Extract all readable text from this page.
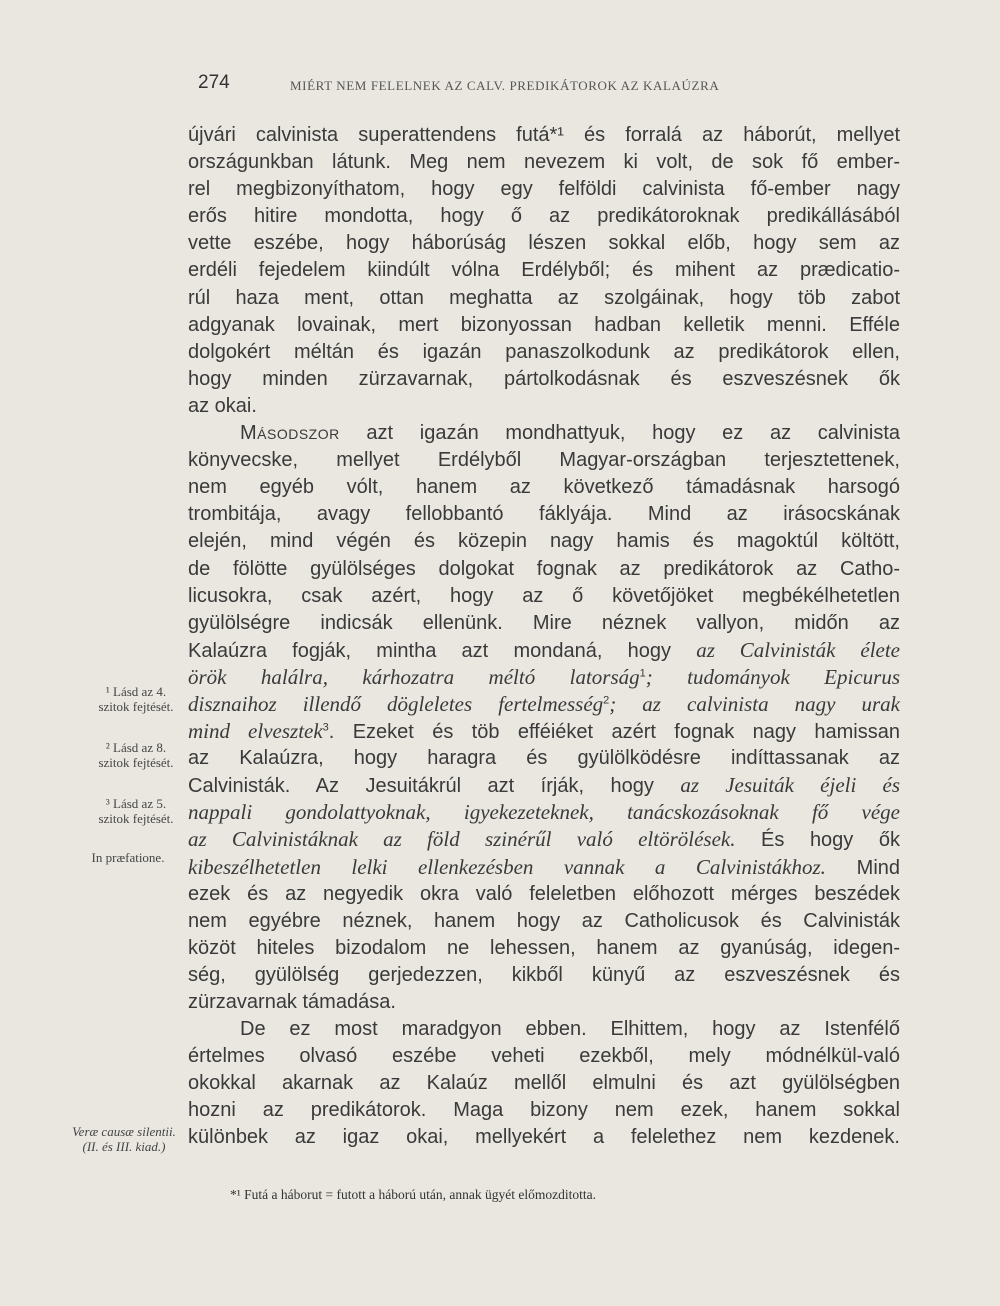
274	MIÉRT NEM FELELNEK AZ CALV. PREDIKÁTOROK AZ KALAÚZRA
újvári calvinista superattendens futá*¹ és forralá az háborút, mellyet
országunkban látunk. Meg nem nevezem ki volt, de sok fő ember-
rel megbizonyíthatom, hogy egy felföldi calvinista fő-ember nagy
erős hitire mondotta, hogy ő az predikátoroknak predikállásából
vette eszébe, hogy háborúság lészen sokkal előb, hogy sem az
erdéli fejedelem kiindúlt vólna Erdélyből; és mihent az prædicatio-
rúl haza ment, ottan meghatta az szolgáinak, hogy töb zabot
adgyanak lovainak, mert bizonyossan hadban kelletik menni. Efféle
dolgokért méltán és igazán panaszolkodunk az predikátorok ellen,
hogy minden zürzavarnak, pártolkodásnak és eszveszésnek ők
az okai.
Másodszor azt igazán mondhattyuk, hogy ez az calvinista
könyvecske, mellyet Erdélyből Magyar-országban terjesztettenek,
nem egyéb vólt, hanem az következő támadásnak harsogó
trombitája, avagy fellobbantó fáklyája. Mind az irásocskának
elején, mind végén és közepin nagy hamis és magoktúl költött,
de fölötte gyülölséges dolgokat fognak az predikátorok az Catho-
licusokra, csak azért, hogy az ő követőjöket megbékélhetetlen
gyülölségre indicsák ellenünk. Mire néznek vallyon, midőn az
Kalaúzra fogják, mintha azt mondaná, hogy az Calvinisták élete
örök halálra, kárhozatra méltó latorság$^1$; tudományok Epicurus
disznaihoz illendő dögleletes fertelmesség$^2$; az calvinista nagy urak
mind elvesztek$^3$. Ezeket és töb efféiéket azért fognak nagy hamissan
az Kalaúzra, hogy haragra és gyülölködésre indíttassanak az
Calvinisták. Az Jesuitákrúl azt írják, hogy az Jesuiták éjeli és
nappali gondolattyoknak, igyekezeteknek, tanácskozásoknak fő vége
az Calvinistáknak az föld szinérűl való eltörölések. És hogy ők
kibeszélhetetlen lelki ellenkezésben vannak a Calvinistákhoz. Mind
ezek és az negyedik okra való feleletben előhozott mérges beszédek
nem egyébre néznek, hanem hogy az Catholicusok és Calvinisták
közöt hiteles bizodalom ne lehessen, hanem az gyanúság, idegen-
ség, gyülölség gerjedezzen, kikből künyű az eszveszésnek és
zürzavarnak támadása.
De ez most maradgyon ebben. Elhittem, hogy az Istenfélő
értelmes olvasó eszébe veheti ezekből, mely módnélkül-való
okokkal akarnak az Kalaúz mellől elmulni és azt gyülölségben
hozni az predikátorok. Maga bizony nem ezek, hanem sokkal
különbek az igaz okai, mellyekért a felelethez nem kezdenek.
¹ Lásd az 4. szitok fejtését.
² Lásd az 8. szitok fejtését.
³ Lásd az 5. szitok fejtését.
In præfatione.
Veræ causæ silentii. (II. és III. kiad.)
*¹ Futá a háborut = futott a háború után, annak ügyét előmozditotta.
